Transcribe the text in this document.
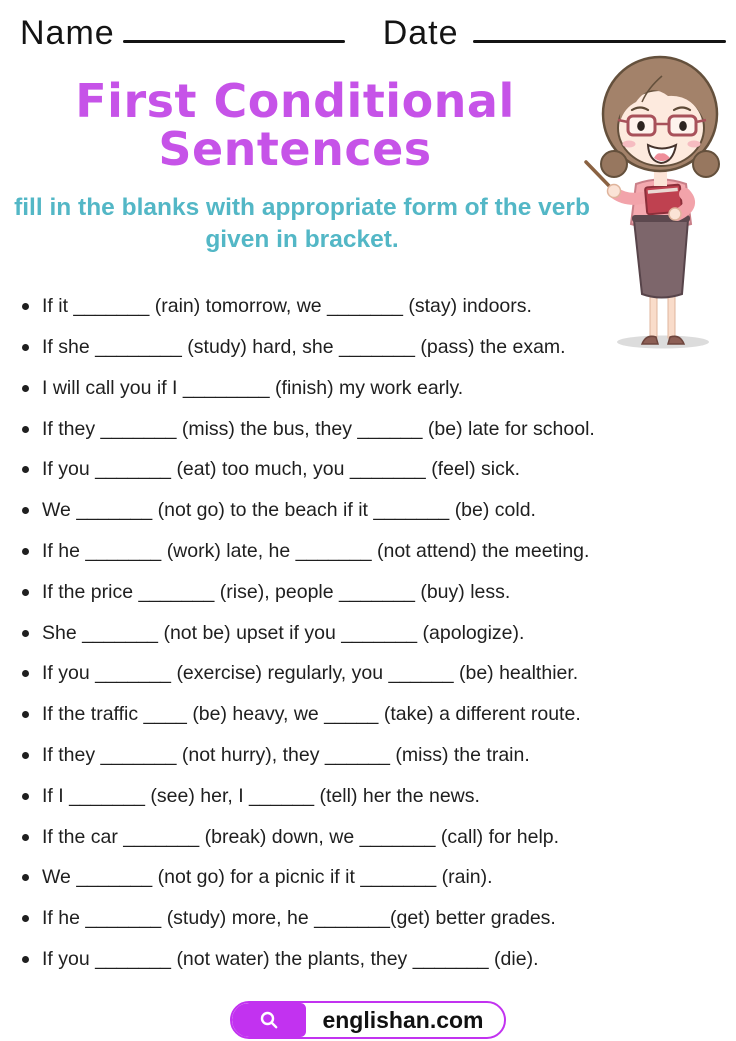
Name	Date
First Conditional
Sentences

fill in the blanks with appropriate form of the verb given in bracket.

If it _______ (rain) tomorrow, we _______ (stay) indoors.
If she ________ (study) hard, she _______ (pass) the exam.
I will call you if I ________ (finish) my work early.
If they _______ (miss) the bus, they ______ (be) late for school.
If you _______ (eat) too much, you _______ (feel) sick.
We _______ (not go) to the beach if it _______ (be) cold.
If he _______ (work) late, he _______ (not attend) the meeting.
If the price _______ (rise), people _______ (buy) less.
She _______ (not be) upset if you _______ (apologize).
If you _______ (exercise) regularly, you ______ (be) healthier.
If the traffic ____ (be) heavy, we _____ (take) a different route.
If they _______ (not hurry), they ______ (miss) the train.
If I _______ (see) her, I ______ (tell) her the news.
If the car _______ (break) down, we _______ (call) for help.
We _______ (not go) for a picnic if it _______ (rain).
If he _______ (study) more, he _______(get) better grades.
If you _______ (not water) the plants, they _______ (die).
englishan.com
